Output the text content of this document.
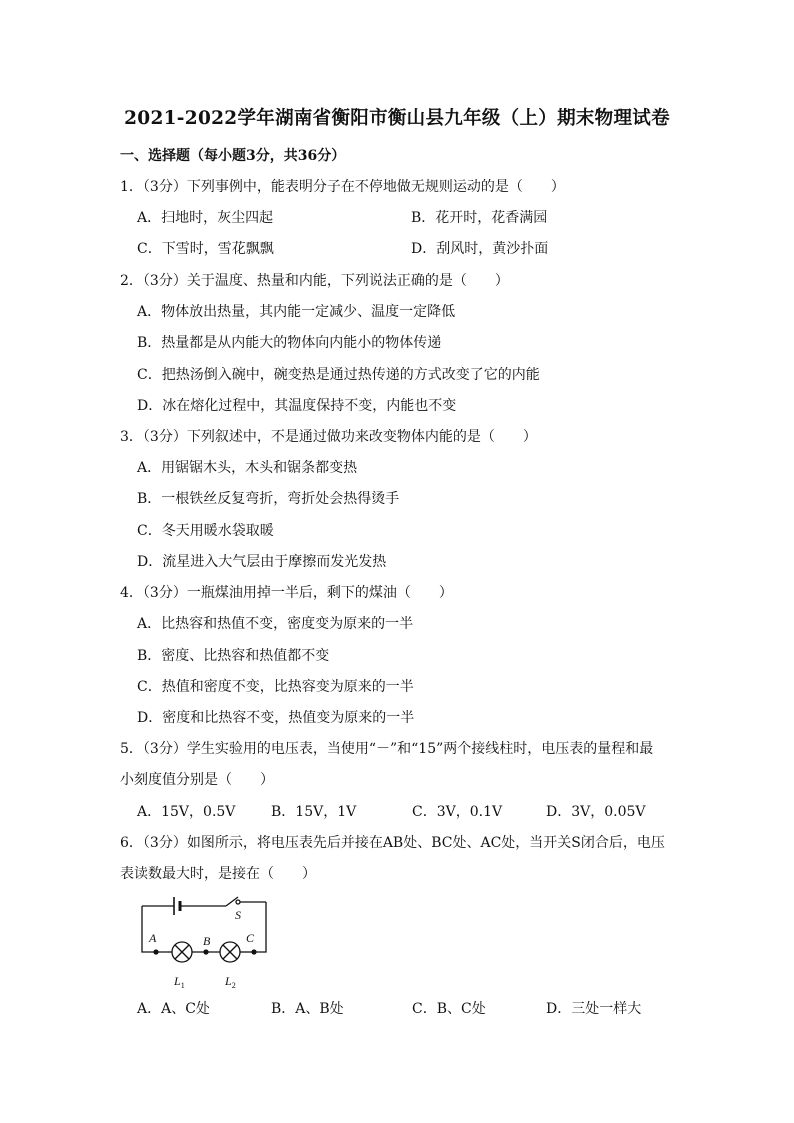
2021-2022学年湖南省衡阳市衡山县九年级（上）期末物理试卷
一、选择题（每小题3分，共36分）
1．（3分）下列事例中，能表明分子在不停地做无规则运动的是（　　）
A．扫地时，灰尘四起	B．花开时，花香满园
C．下雪时，雪花飘飘	D．刮风时，黄沙扑面
2．（3分）关于温度、热量和内能，下列说法正确的是（　　）
A．物体放出热量，其内能一定减少、温度一定降低
B．热量都是从内能大的物体向内能小的物体传递
C．把热汤倒入碗中，碗变热是通过热传递的方式改变了它的内能
D．冰在熔化过程中，其温度保持不变，内能也不变
3．（3分）下列叙述中，不是通过做功来改变物体内能的是（　　）
A．用锯锯木头，木头和锯条都变热
B．一根铁丝反复弯折，弯折处会热得烫手
C．冬天用暖水袋取暖
D．流星进入大气层由于摩擦而发光发热
4．（3分）一瓶煤油用掉一半后，剩下的煤油（　　）
A．比热容和热值不变，密度变为原来的一半
B．密度、比热容和热值都不变
C．热值和密度不变，比热容变为原来的一半
D．密度和比热容不变，热值变为原来的一半
5．（3分）学生实验用的电压表，当使用“－”和“15”两个接线柱时，电压表的量程和最
小刻度值分别是（　　）
A．15V，0.5V	B．15V，1V	C．3V，0.1V	D．3V，0.05V
6．（3分）如图所示，将电压表先后并接在AB处、BC处、AC处，当开关S闭合后，电压
表读数最大时，是接在（　　）
A	B	C
S
$L_1$	$L_2$
A．A、C处	B．A、B处	C．B、C处	D．三处一样大
